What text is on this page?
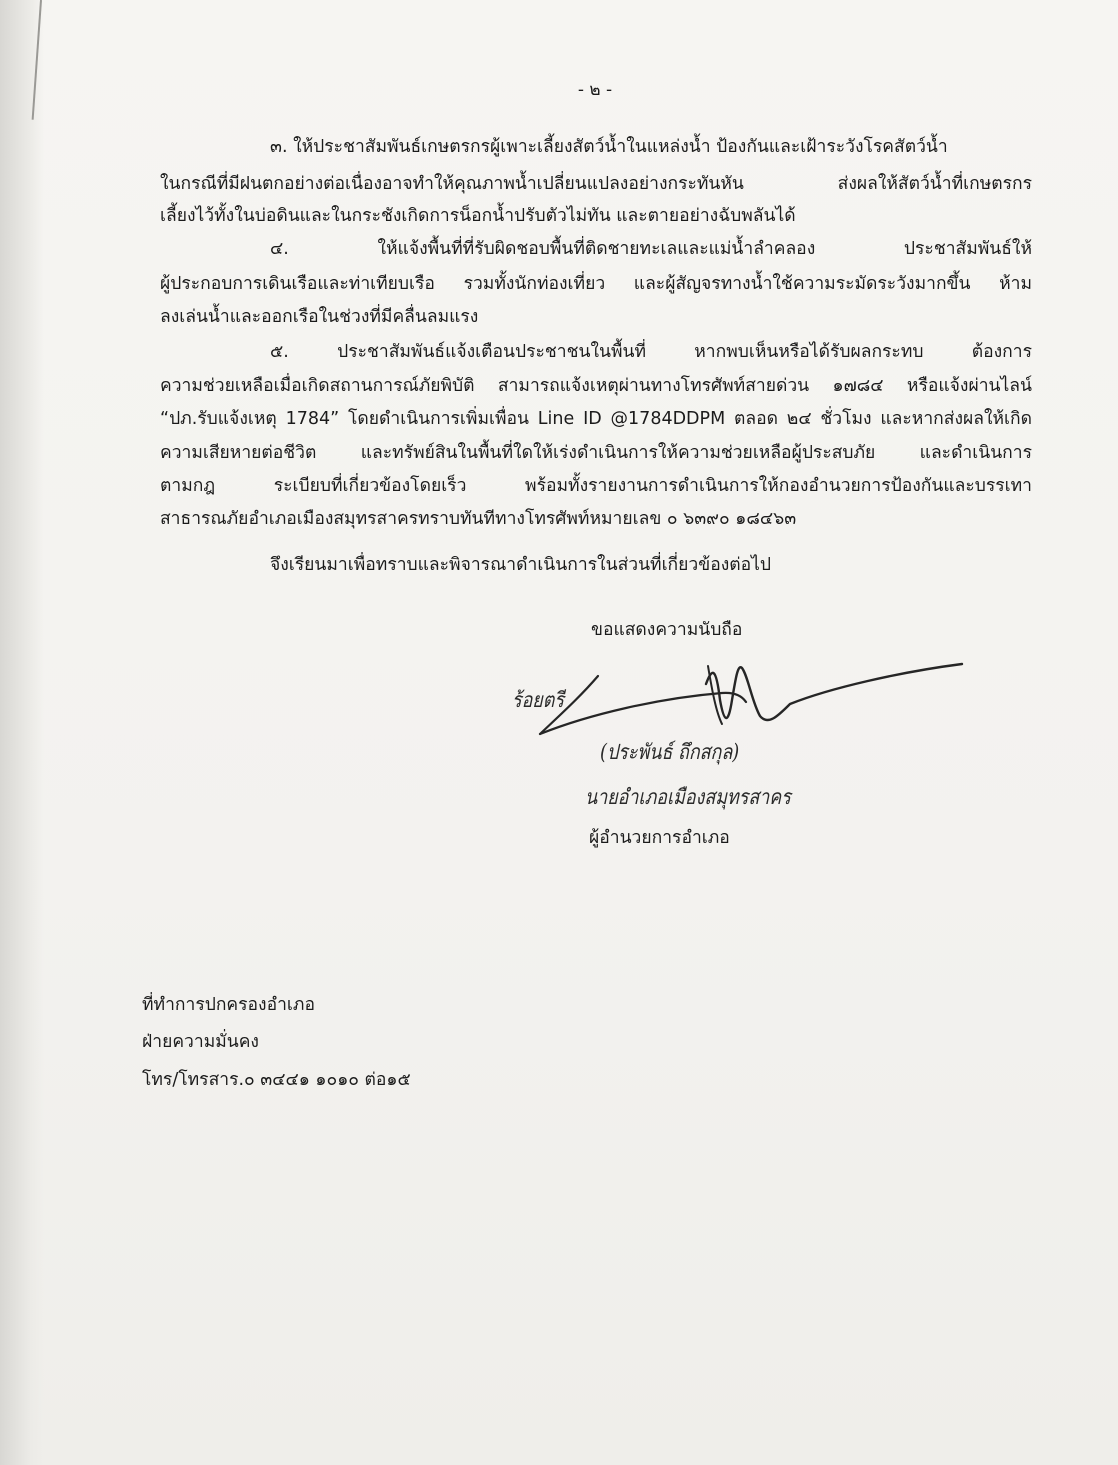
- ๒ -
๓. ให้ประชาสัมพันธ์เกษตรกรผู้เพาะเลี้ยงสัตว์น้ำในแหล่งน้ำ ป้องกันและเฝ้าระวังโรคสัตว์น้ำ
ในกรณีที่มีฝนตกอย่างต่อเนื่องอาจทำให้คุณภาพน้ำเปลี่ยนแปลงอย่างกระทันหัน ส่งผลให้สัตว์น้ำที่เกษตรกร
เลี้ยงไว้ทั้งในบ่อดินและในกระชังเกิดการน็อกน้ำปรับตัวไม่ทัน และตายอย่างฉับพลันได้
๔. ให้แจ้งพื้นที่ที่รับผิดชอบพื้นที่ติดชายทะเลและแม่น้ำลำคลอง ประชาสัมพันธ์ให้
ผู้ประกอบการเดินเรือและท่าเทียบเรือ รวมทั้งนักท่องเที่ยว และผู้สัญจรทางน้ำใช้ความระมัดระวังมากขึ้น ห้าม
ลงเล่นน้ำและออกเรือในช่วงที่มีคลื่นลมแรง
๕. ประชาสัมพันธ์แจ้งเตือนประชาชนในพื้นที่ หากพบเห็นหรือได้รับผลกระทบ ต้องการ
ความช่วยเหลือเมื่อเกิดสถานการณ์ภัยพิบัติ สามารถแจ้งเหตุผ่านทางโทรศัพท์สายด่วน ๑๗๘๔ หรือแจ้งผ่านไลน์
“ปภ.รับแจ้งเหตุ 1784” โดยดำเนินการเพิ่มเพื่อน Line ID @1784DDPM ตลอด ๒๔ ชั่วโมง และหากส่งผลให้เกิด
ความเสียหายต่อชีวิต และทรัพย์สินในพื้นที่ใดให้เร่งดำเนินการให้ความช่วยเหลือผู้ประสบภัย และดำเนินการ
ตามกฎ ระเบียบที่เกี่ยวข้องโดยเร็ว พร้อมทั้งรายงานการดำเนินการให้กองอำนวยการป้องกันและบรรเทา
สาธารณภัยอำเภอเมืองสมุทรสาครทราบทันทีทางโทรศัพท์หมายเลข ๐ ๖๓๙๐ ๑๘๔๖๓
จึงเรียนมาเพื่อทราบและพิจารณาดำเนินการในส่วนที่เกี่ยวข้องต่อไป
ขอแสดงความนับถือ
ร้อยตรี
(ประพันธ์ ถึกสกุล)
นายอำเภอเมืองสมุทรสาคร
ผู้อำนวยการอำเภอ
ที่ทำการปกครองอำเภอ
ฝ่ายความมั่นคง
โทร/โทรสาร.๐ ๓๔๔๑ ๑๐๑๐ ต่อ๑๕
